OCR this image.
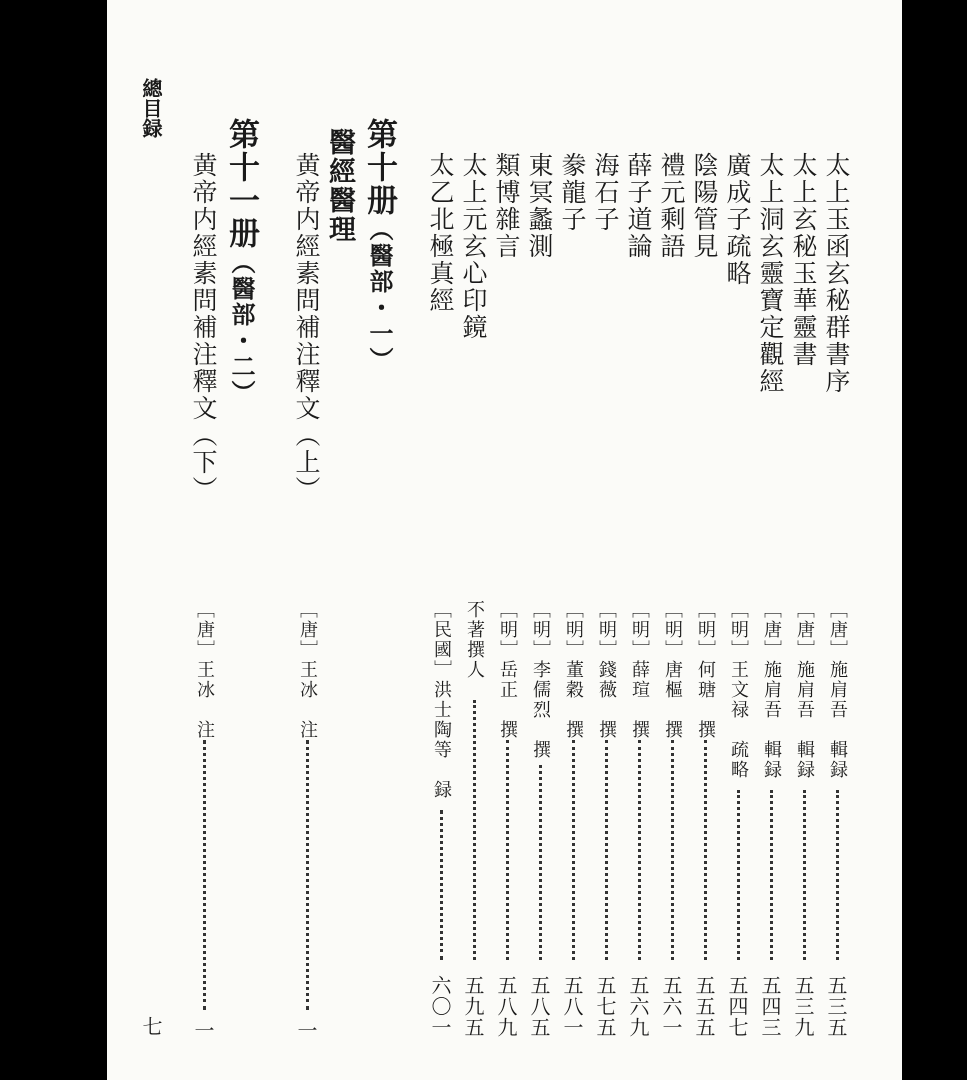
總目録
七
太上玉函玄秘群書序
［唐］施肩吾　輯録
五三五
太上玄秘玉華靈書
［唐］施肩吾　輯録
五三九
太上洞玄靈寶定觀經
［唐］施肩吾　輯録
五四三
廣成子疏略
［明］王文禄　疏略
五四七
陰陽管見
［明］何瑭　撰
五五五
禮元剩語
［明］唐樞　撰
五六一
薛子道論
［明］薛瑄　撰
五六九
海石子
［明］錢薇　撰
五七五
豢龍子
［明］董穀　撰
五八一
東冥蠡測
［明］李儒烈　撰
五八五
類博雜言
［明］岳正　撰
五八九
太上元玄心印鏡
不著撰人
五九五
太乙北極真經
［民國］洪士陶等　録
六〇一
第十册（醫部・一）
醫經醫理
黄帝内經素問補注釋文（上）
［唐］王冰　注
一
第十一册（醫部・二）
黄帝内經素問補注釋文（下）
［唐］王冰　注
一
